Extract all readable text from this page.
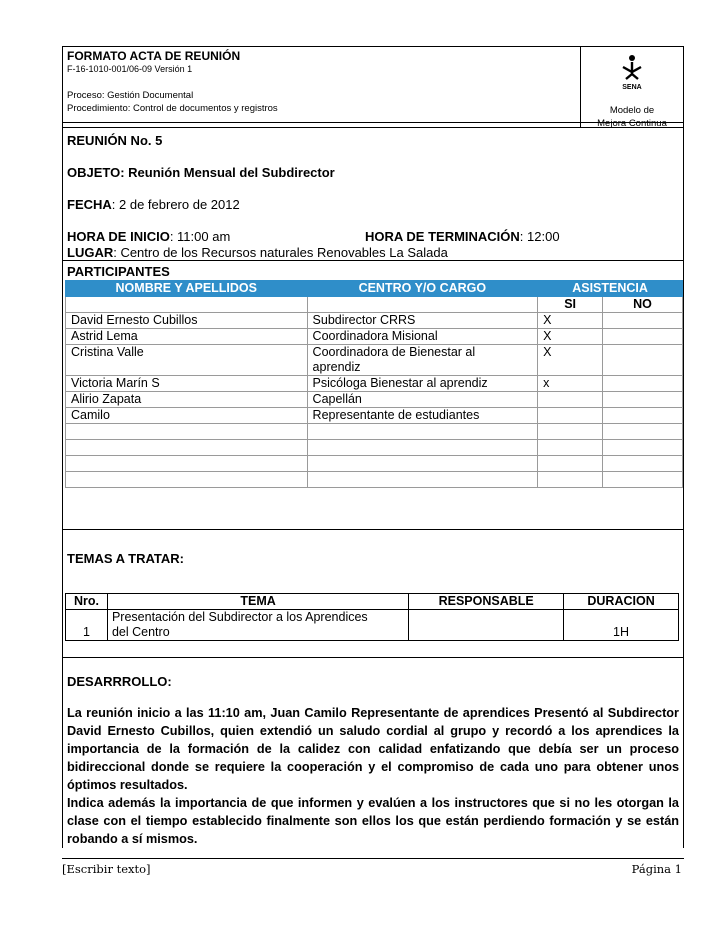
FORMATO ACTA DE REUNIÓN
F-16-1010-001/06-09 Versión 1
Proceso: Gestión Documental
Procedimiento: Control de documentos y registros
SENA
Modelo de
Mejora Continua
REUNIÓN No. 5
OBJETO: Reunión Mensual del Subdirector
FECHA: 2 de febrero de 2012
HORA DE INICIO: 11:00 am	HORA DE TERMINACIÓN: 12:00
LUGAR: Centro de los Recursos naturales Renovables La Salada
PARTICIPANTES
NOMBRE Y APELLIDOS	CENTRO Y/O CARGO	ASISTENCIA	
		SI	NO
David Ernesto Cubillos	Subdirector CRRS	X	
Astrid Lema	Coordinadora Misional	X	
Cristina Valle	Coordinadora de Bienestar al
aprendiz	X	
Victoria Marín S	Psicóloga Bienestar al aprendiz	x	
Alirio Zapata	Capellán		
Camilo	Representante de estudiantes		

TEMAS A TRATAR:
Nro.	TEMA	RESPONSABLE	DURACION
1	Presentación del Subdirector a los Aprendices
del Centro		1H
DESARRROLLO:
La reunión inicio a las 11:10 am, Juan Camilo Representante de aprendices Presentó al Subdirector David Ernesto Cubillos, quien extendió un saludo cordial al grupo y recordó a los aprendices la importancia de la formación de la calidez con calidad enfatizando que debía ser un proceso bidireccional donde se requiere la cooperación y el compromiso de cada uno para obtener unos óptimos resultados.
Indica además la importancia de que informen y evalúen a los instructores que si no les otorgan la clase con el tiempo establecido finalmente son ellos los que están perdiendo formación y se están robando a sí mismos.
[Escribir texto]	Página 1
